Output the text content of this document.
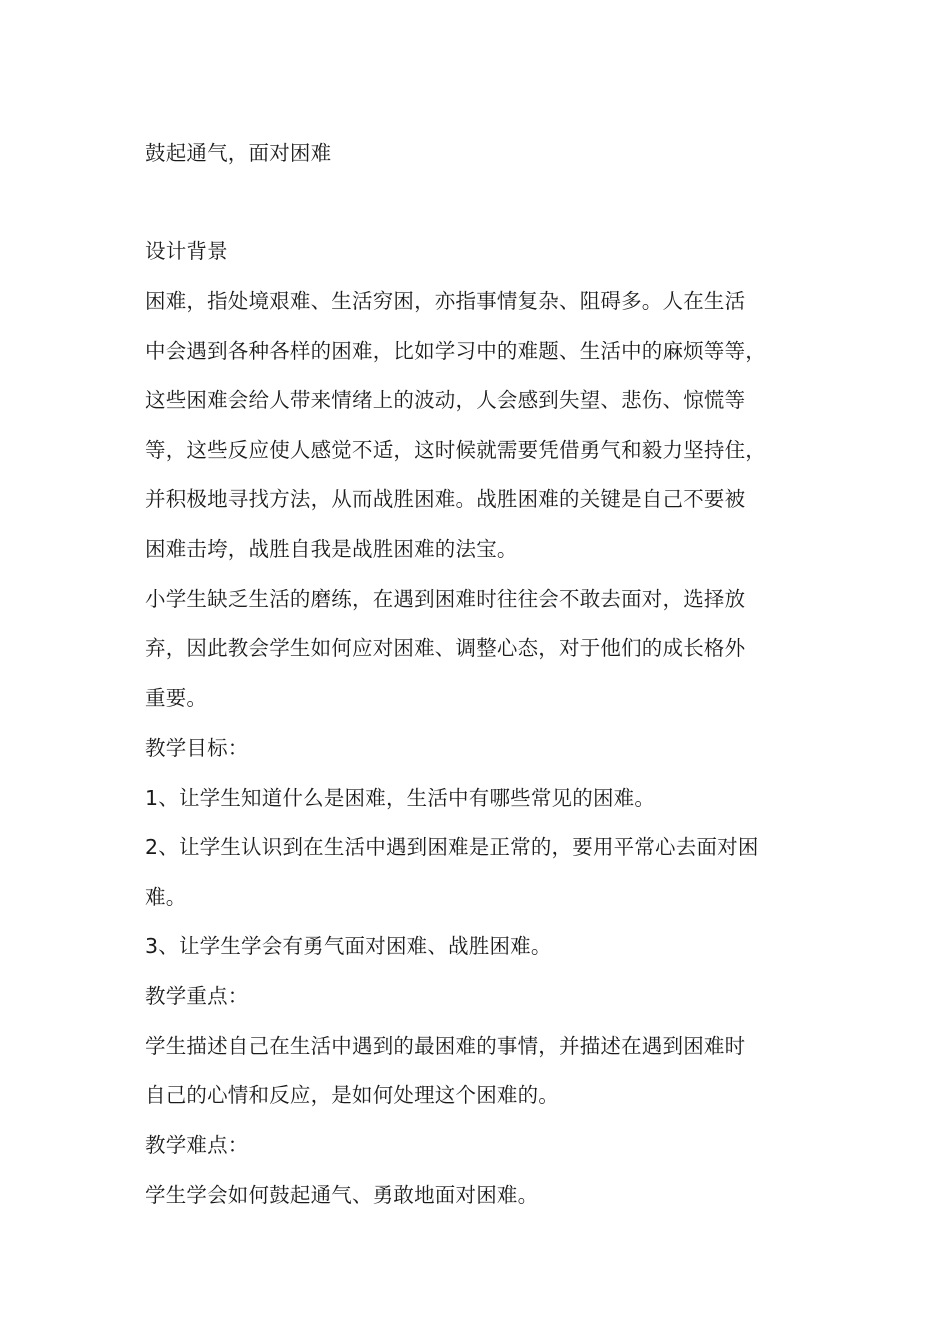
鼓起通气，面对困难
设计背景
困难，指处境艰难、生活穷困，亦指事情复杂、阻碍多。人在生活
中会遇到各种各样的困难，比如学习中的难题、生活中的麻烦等等，
这些困难会给人带来情绪上的波动，人会感到失望、悲伤、惊慌等
等，这些反应使人感觉不适，这时候就需要凭借勇气和毅力坚持住，
并积极地寻找方法，从而战胜困难。战胜困难的关键是自己不要被
困难击垮，战胜自我是战胜困难的法宝。
小学生缺乏生活的磨练，在遇到困难时往往会不敢去面对，选择放
弃，因此教会学生如何应对困难、调整心态，对于他们的成长格外
重要。
教学目标：
1、让学生知道什么是困难，生活中有哪些常见的困难。
2、让学生认识到在生活中遇到困难是正常的，要用平常心去面对困
难。
3、让学生学会有勇气面对困难、战胜困难。
教学重点：
学生描述自己在生活中遇到的最困难的事情，并描述在遇到困难时
自己的心情和反应，是如何处理这个困难的。
教学难点：
学生学会如何鼓起通气、勇敢地面对困难。
